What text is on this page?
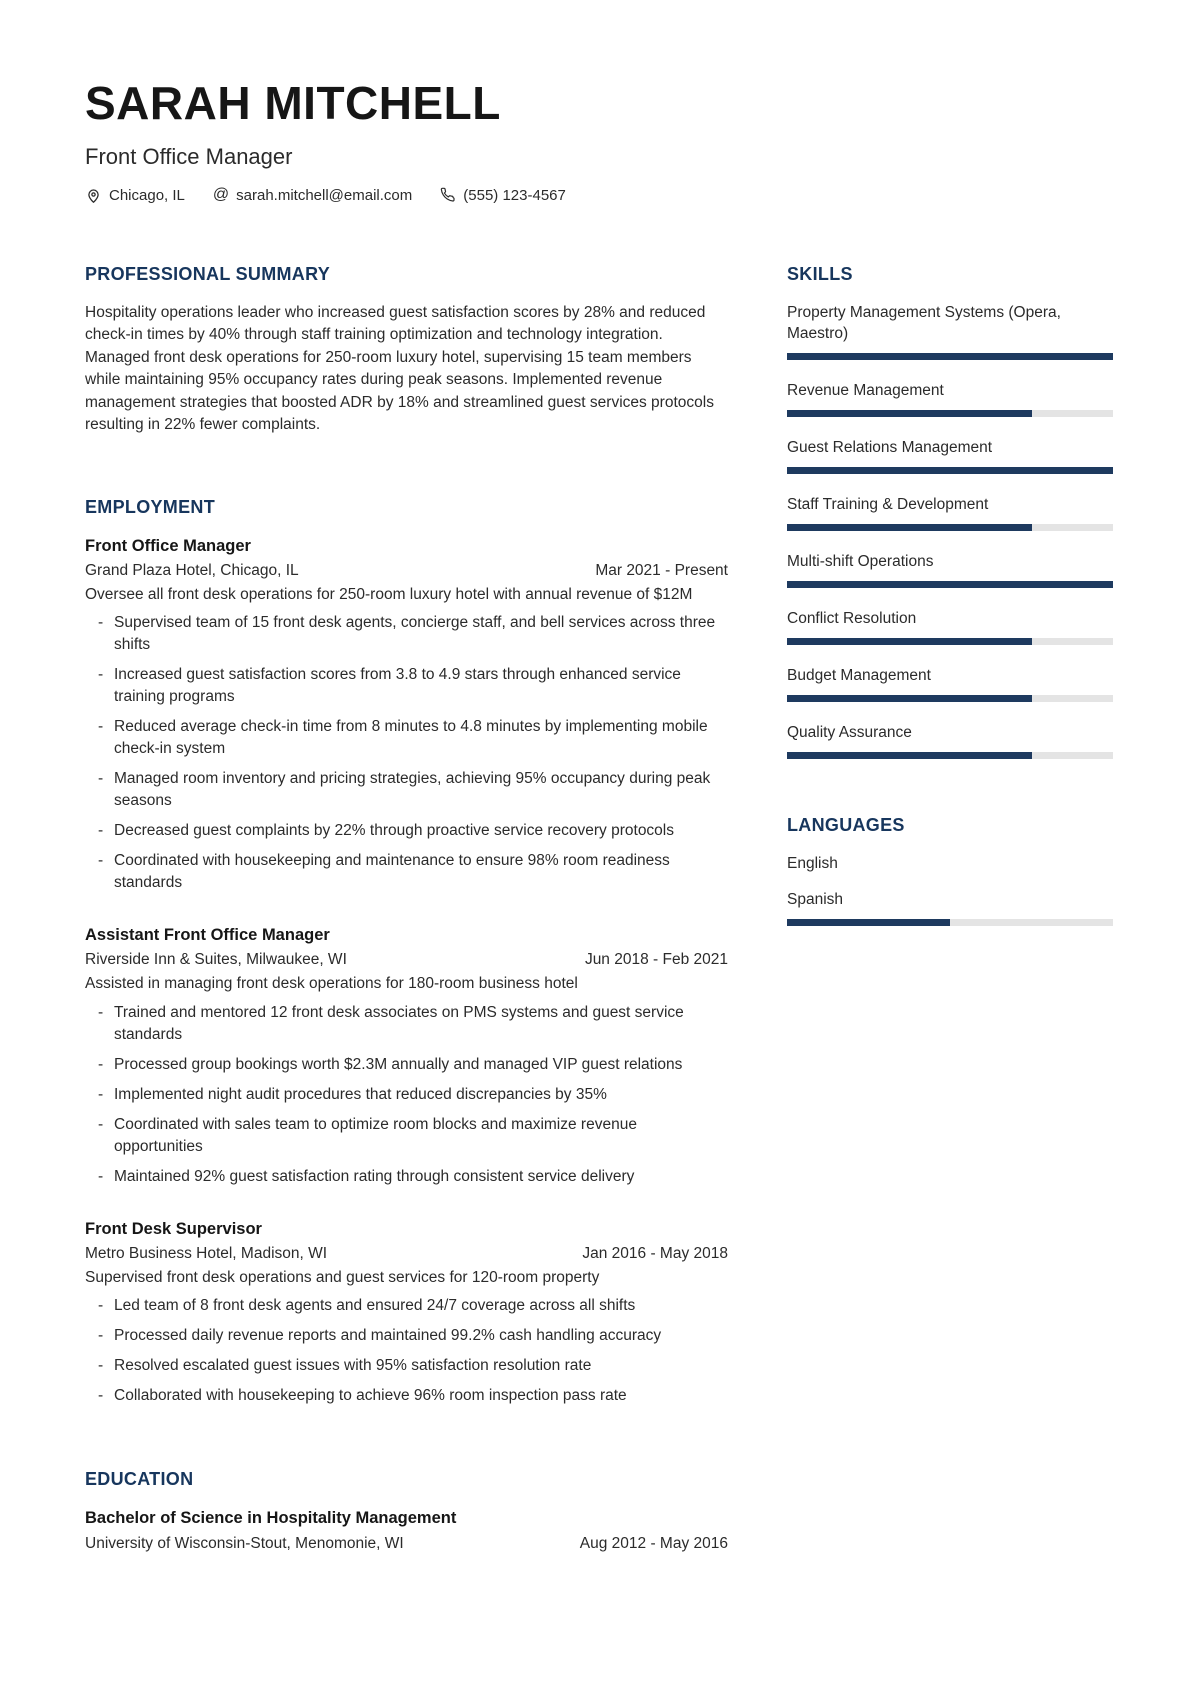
SARAH MITCHELL
Front Office Manager
Chicago, IL @ sarah.mitchell@email.com	(555) 123-4567
PROFESSIONAL SUMMARY

Hospitality operations leader who increased guest satisfaction scores by 28% and reduced check-in times by 40% through staff training optimization and technology integration. Managed front desk operations for 250-room luxury hotel, supervising 15 team members while maintaining 95% occupancy rates during peak seasons. Implemented revenue management strategies that boosted ADR by 18% and streamlined guest services protocols resulting in 22% fewer complaints.

EMPLOYMENT
Front Office Manager
Grand Plaza Hotel, Chicago, IL	Mar 2021 - Present

Oversee all front desk operations for 250-room luxury hotel with annual revenue of $12M

- Supervised team of 15 front desk agents, concierge staff, and bell services across three shifts
- Increased guest satisfaction scores from 3.8 to 4.9 stars through enhanced service training programs
- Reduced average check-in time from 8 minutes to 4.8 minutes by implementing mobile check-in system
- Managed room inventory and pricing strategies, achieving 95% occupancy during peak seasons
- Decreased guest complaints by 22% through proactive service recovery protocols
- Coordinated with housekeeping and maintenance to ensure 98% room readiness standards
Assistant Front Office Manager
Riverside Inn & Suites, Milwaukee, WI	Jun 2018 - Feb 2021

Assisted in managing front desk operations for 180-room business hotel

- Trained and mentored 12 front desk associates on PMS systems and guest service standards
- Processed group bookings worth $2.3M annually and managed VIP guest relations
- Implemented night audit procedures that reduced discrepancies by 35%
- Coordinated with sales team to optimize room blocks and maximize revenue opportunities
- Maintained 92% guest satisfaction rating through consistent service delivery
Front Desk Supervisor
Metro Business Hotel, Madison, WI	Jan 2016 - May 2018

Supervised front desk operations and guest services for 120-room property

- Led team of 8 front desk agents and ensured 24/7 coverage across all shifts
- Processed daily revenue reports and maintained 99.2% cash handling accuracy
- Resolved escalated guest issues with 95% satisfaction resolution rate
- Collaborated with housekeeping to achieve 96% room inspection pass rate
EDUCATION
Bachelor of Science in Hospitality Management
University of Wisconsin-Stout, Menomonie, WI	Aug 2012 - May 2016
SKILLS
Property Management Systems (Opera, Maestro)
Revenue Management
Guest Relations Management
Staff Training & Development
Multi-shift Operations
Conflict Resolution
Budget Management
Quality Assurance
LANGUAGES
English
Spanish
